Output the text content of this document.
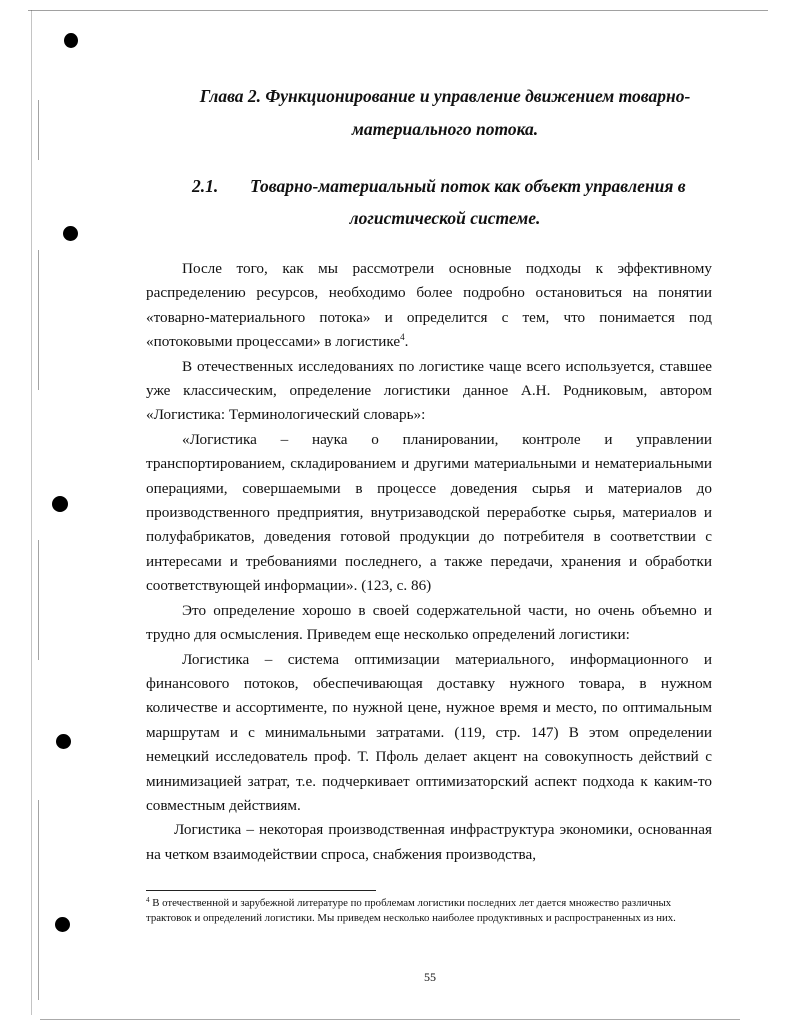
Глава 2. Функционирование и управление движением товарно-
материального потока.
2.1.	Товарно-материальный поток как объект управления в
логистической системе.

После того, как мы рассмотрели основные подходы к эффективному распределению ресурсов, необходимо более подробно остановиться на понятии «товарно-материального потока» и определится с тем, что понимается под «потоковыми процессами» в логистике$^4$.

В отечественных исследованиях по логистике чаще всего используется, ставшее уже классическим, определение логистики данное А.Н. Родниковым, автором «Логистика: Терминологический словарь»:

«Логистика – наука о планировании, контроле и управлении транспортированием, складированием и другими материальными и нематериальными операциями, совершаемыми в процессе доведения сырья и материалов до производственного предприятия, внутризаводской переработке сырья, материалов и полуфабрикатов, доведения готовой продукции до потребителя в соответствии с интересами и требованиями последнего, а также передачи, хранения и обработки соответствующей информации». (123, с. 86)

Это определение хорошо в своей содержательной части, но очень объемно и трудно для осмысления. Приведем еще несколько определений логистики:

Логистика – система оптимизации материального, информационного и финансового потоков, обеспечивающая доставку нужного товара, в нужном количестве и ассортименте, по нужной цене, нужное время и место, по оптимальным маршрутам и с минимальными затратами. (119, стр. 147) В этом определении немецкий исследователь проф. Т. Пфоль делает акцент на совокупность действий с минимизацией затрат, т.е. подчеркивает оптимизаторский аспект подхода к каким-то совместным действиям.

Логистика – некоторая производственная инфраструктура экономики, основанная на четком взаимодействии спроса, снабжения производства,

$^4$ В отечественной и зарубежной литературе по проблемам логистики последних лет дается множество различных трактовок и определений логистики. Мы приведем несколько наиболее продуктивных и распространенных из них.
55
